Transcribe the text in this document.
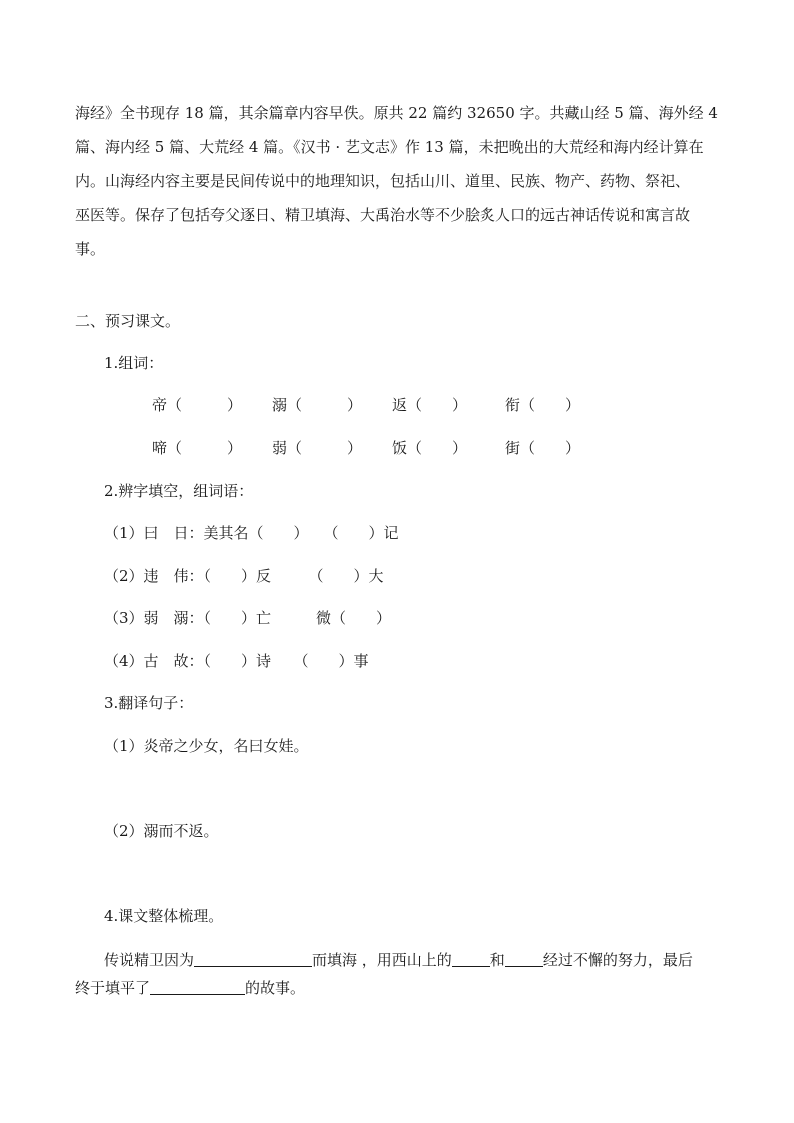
海经》全书现存 18 篇，其余篇章内容早佚。原共 22 篇约 32650 字。共藏山经 5 篇、海外经 4
篇、海内经 5 篇、大荒经 4 篇。《汉书 · 艺文志》作 13 篇，未把晚出的大荒经和海内经计算在
内。山海经内容主要是民间传说中的地理知识，包括山川、道里、民族、物产、药物、祭祀、
巫医等。保存了包括夸父逐日、精卫填海、大禹治水等不少脍炙人口的远古神话传说和寓言故
事。
二、预习课文。
1.组词：
帝（　　　） 溺（　　　） 返（　　）	衔（　　）
啼（　　　） 弱（　　　） 饭（　　）	街（　　）
2.辨字填空，组词语：
（1）曰　日：美其名（　　）　　（　　）记
（2）违　伟：（　　）反　　　（　　）大
（3）弱　溺：（　　）亡　　　微（　　）
（4）古　故：（　　）诗　　（　　）事
3.翻译句子：
（1）炎帝之少女，名曰女娃。
（2）溺而不返。
4.课文整体梳理。
传说精卫因为	而填海 ，用西山上的	和	经过不懈的努力，最后
终于填平了	的故事。
